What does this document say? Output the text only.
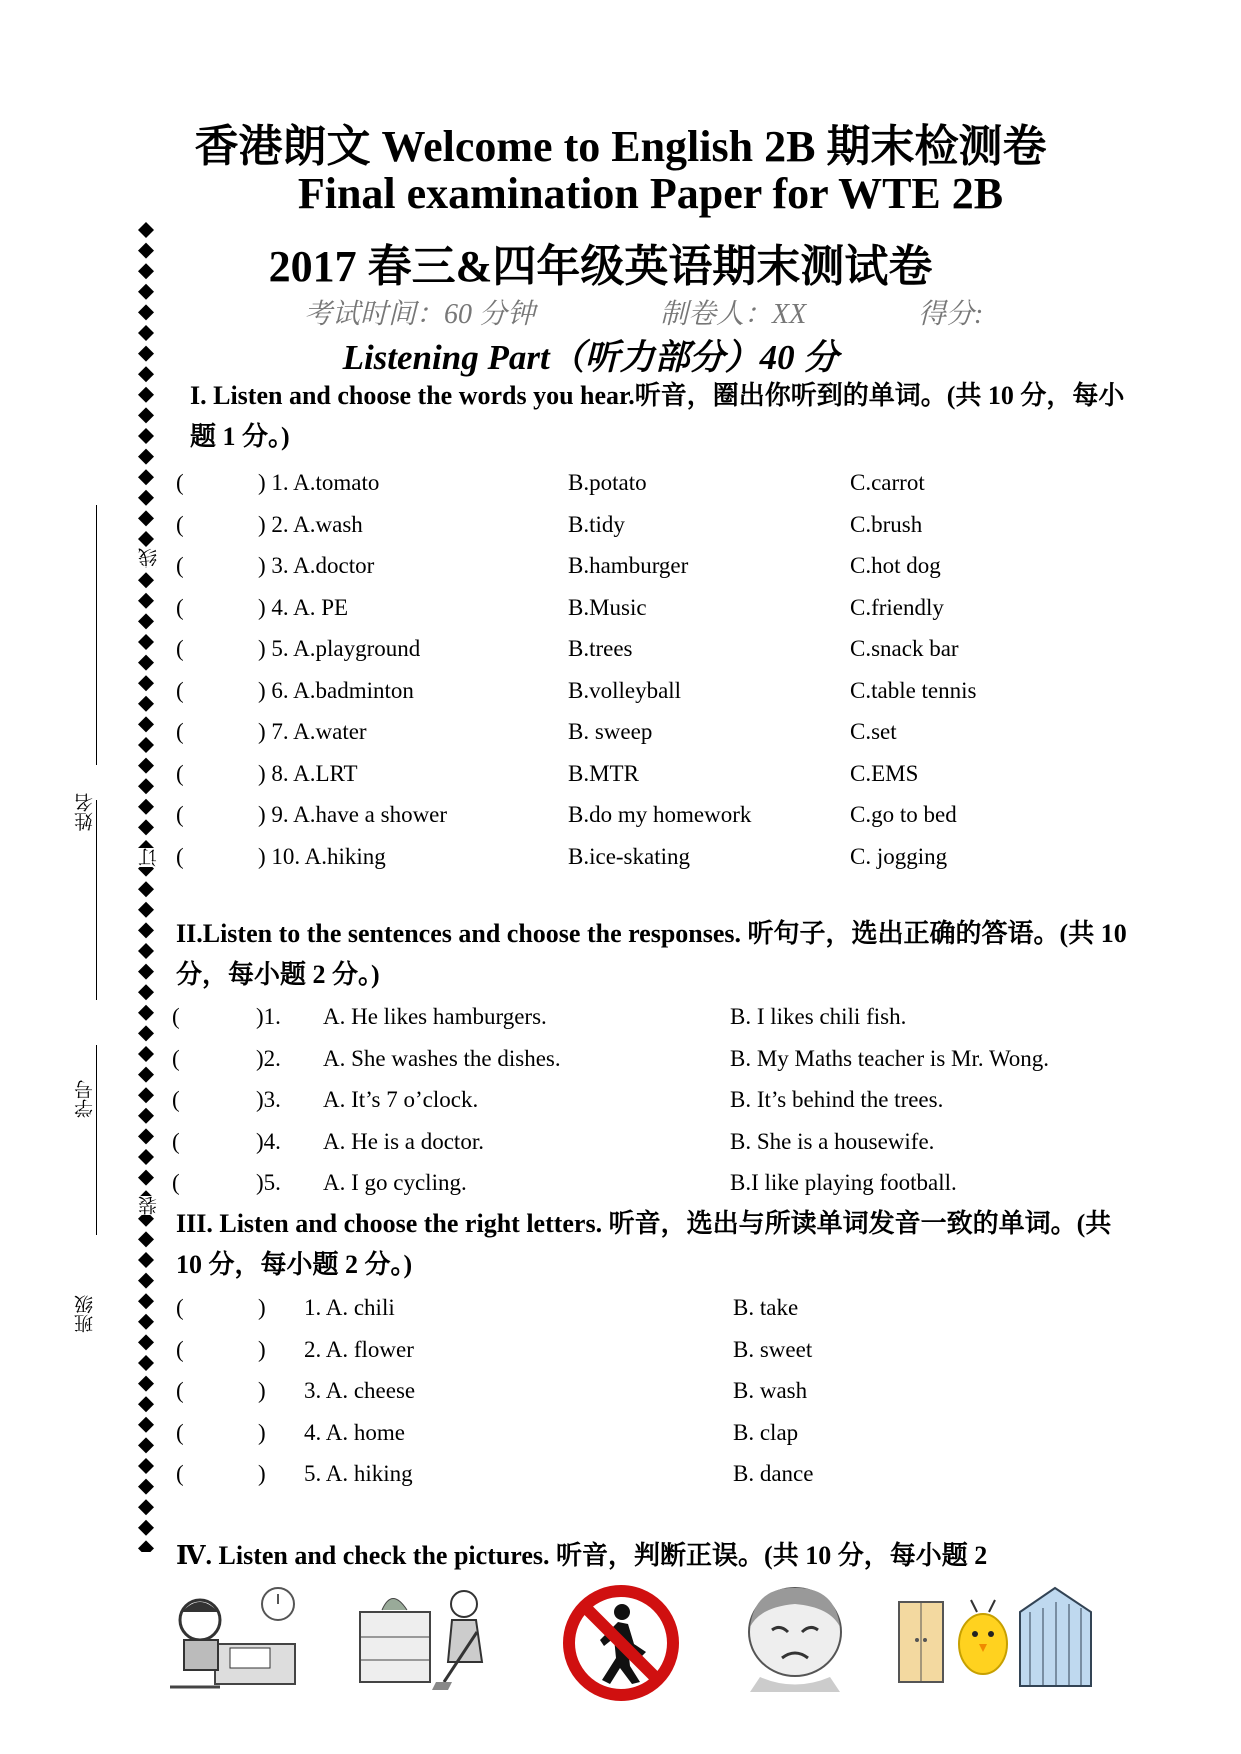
香港朗文 Welcome to English 2B 期末检测卷
Final examination Paper for WTE 2B
2017 春三&四年级英语期末测试卷
考试时间：60 分钟	制卷人：XX	得分:
Listening Part（听力部分）40 分
班级
学号
姓名
线
订
装
I. Listen and choose the words you hear.听音，圈出你听到的单词。(共 10 分，每小题 1 分。)
(	) 1. A.tomato	B.potato	C.carrot
(	) 2. A.wash	B.tidy	C.brush
(	) 3. A.doctor	B.hamburger	C.hot dog
(	) 4. A. PE	B.Music	C.friendly
(	) 5. A.playground	B.trees	C.snack bar
(	) 6. A.badminton	B.volleyball	C.table tennis
(	) 7. A.water	B. sweep	C.set
(	) 8. A.LRT	B.MTR	C.EMS
(	) 9. A.have a shower	B.do my homework	C.go to bed
(	) 10. A.hiking	B.ice-skating	C. jogging
II.Listen to the sentences and choose the responses. 听句子，选出正确的答语。(共 10 分，每小题 2 分。)
(	)1. A. He likes hamburgers.	B. I likes chili fish.
(	)2. A. She washes the dishes.	B. My Maths teacher is Mr. Wong.
(	)3. A. It’s 7 o’clock.	B. It’s behind the trees.
(	)4. A. He is a doctor.	B. She is a housewife.
(	)5. A. I go cycling.	B.I like playing football.
III. Listen and choose the right letters. 听音，选出与所读单词发音一致的单词。(共 10 分，每小题 2 分。)
(	) 1. A. chili	B. take
(	) 2. A. flower	B. sweet
(	) 3. A. cheese	B. wash
(	) 4. A. home	B. clap
(	) 5. A. hiking	B. dance
Ⅳ. Listen and check the pictures. 听音，判断正误。(共 10 分，每小题 2
